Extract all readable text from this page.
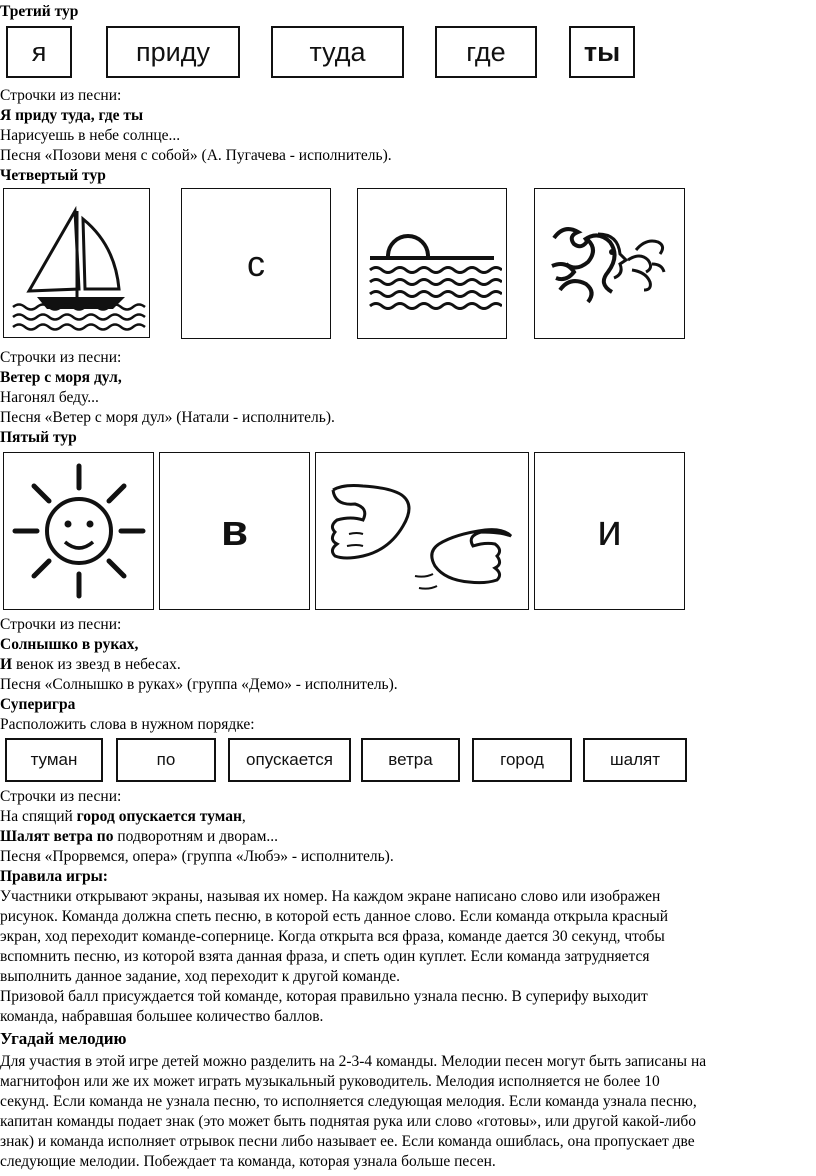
Третий тур
я	приду	туда	где	ты
Строчки из песни:
Я приду туда, где ты
Нарисуешь в небе солнце...
Песня «Позови меня с собой» (А. Пугачева - исполнитель).
Четвертый тур
с
Строчки из песни:
Ветер с моря дул,
Нагонял беду...
Песня «Ветер с моря дул» (Натали - исполнитель).
Пятый тур
в	и
Строчки из песни:
Солнышко в руках,
И венок из звезд в небесах.
Песня «Солнышко в руках» (группа «Демо» - исполнитель).
Суперигра
Расположить слова в нужном порядке:
туман	по	опускается	ветра	город	шалят
Строчки из песни:
На спящий город опускается туман,
Шалят ветра по подворотням и дворам...
Песня «Прорвемся, опера» (группа «Любэ» - исполнитель).
Правила игры:
Участники открывают экраны, называя их номер. На каждом экране написано слово или изображен
рисунок. Команда должна спеть песню, в которой есть данное слово. Если команда открыла красный
экран, ход переходит команде-сопернице. Когда открыта вся фраза, команде дается 30 секунд, чтобы
вспомнить песню, из которой взята данная фраза, и спеть один куплет. Если команда затрудняется
выполнить данное задание, ход переходит к другой команде.
Призовой балл присуждается той команде, которая правильно узнала песню. В суперифу выходит
команда, набравшая большее количество баллов.
Угадай мелодию
Для участия в этой игре детей можно разделить на 2-3-4 команды. Мелодии песен могут быть записаны на
магнитофон или же их может играть музыкальный руководитель. Мелодия исполняется не более 10
секунд. Если команда не узнала песню, то исполняется следующая мелодия. Если команда узнала песню,
капитан команды подает знак (это может быть поднятая рука или слово «готовы», или другой какой-либо
знак) и команда исполняет отрывок песни либо называет ее. Если команда ошиблась, она пропускает две
следующие мелодии. Побеждает та команда, которая узнала больше песен.
